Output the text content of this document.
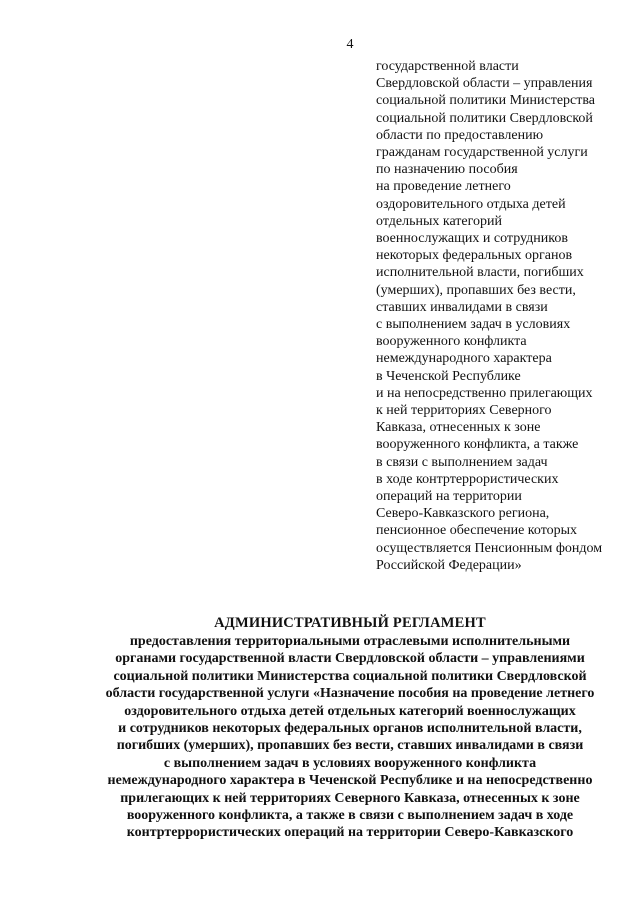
4
государственной власти
Свердловской области – управления
социальной политики Министерства
социальной политики Свердловской
области по предоставлению
гражданам государственной услуги
по назначению пособия
на проведение летнего
оздоровительного отдыха детей
отдельных категорий
военнослужащих и сотрудников
некоторых федеральных органов
исполнительной власти, погибших
(умерших), пропавших без вести,
ставших инвалидами в связи
с выполнением задач в условиях
вооруженного конфликта
немеждународного характера
в Чеченской Республике
и на непосредственно прилегающих
к ней территориях Северного
Кавказа, отнесенных к зоне
вооруженного конфликта, а также
в связи с выполнением задач
в ходе контртеррористических
операций на территории
Северо-Кавказского региона,
пенсионное обеспечение которых
осуществляется Пенсионным фондом
Российской Федерации»
АДМИНИСТРАТИВНЫЙ РЕГЛАМЕНТ
предоставления территориальными отраслевыми исполнительными
органами государственной власти Свердловской области – управлениями
социальной политики Министерства социальной политики Свердловской
области государственной услуги «Назначение пособия на проведение летнего
оздоровительного отдыха детей отдельных категорий военнослужащих
и сотрудников некоторых федеральных органов исполнительной власти,
погибших (умерших), пропавших без вести, ставших инвалидами в связи
с выполнением задач в условиях вооруженного конфликта
немеждународного характера в Чеченской Республике и на непосредственно
прилегающих к ней территориях Северного Кавказа, отнесенных к зоне
вооруженного конфликта, а также в связи с выполнением задач в ходе
контртеррористических операций на территории Северо-Кавказского
